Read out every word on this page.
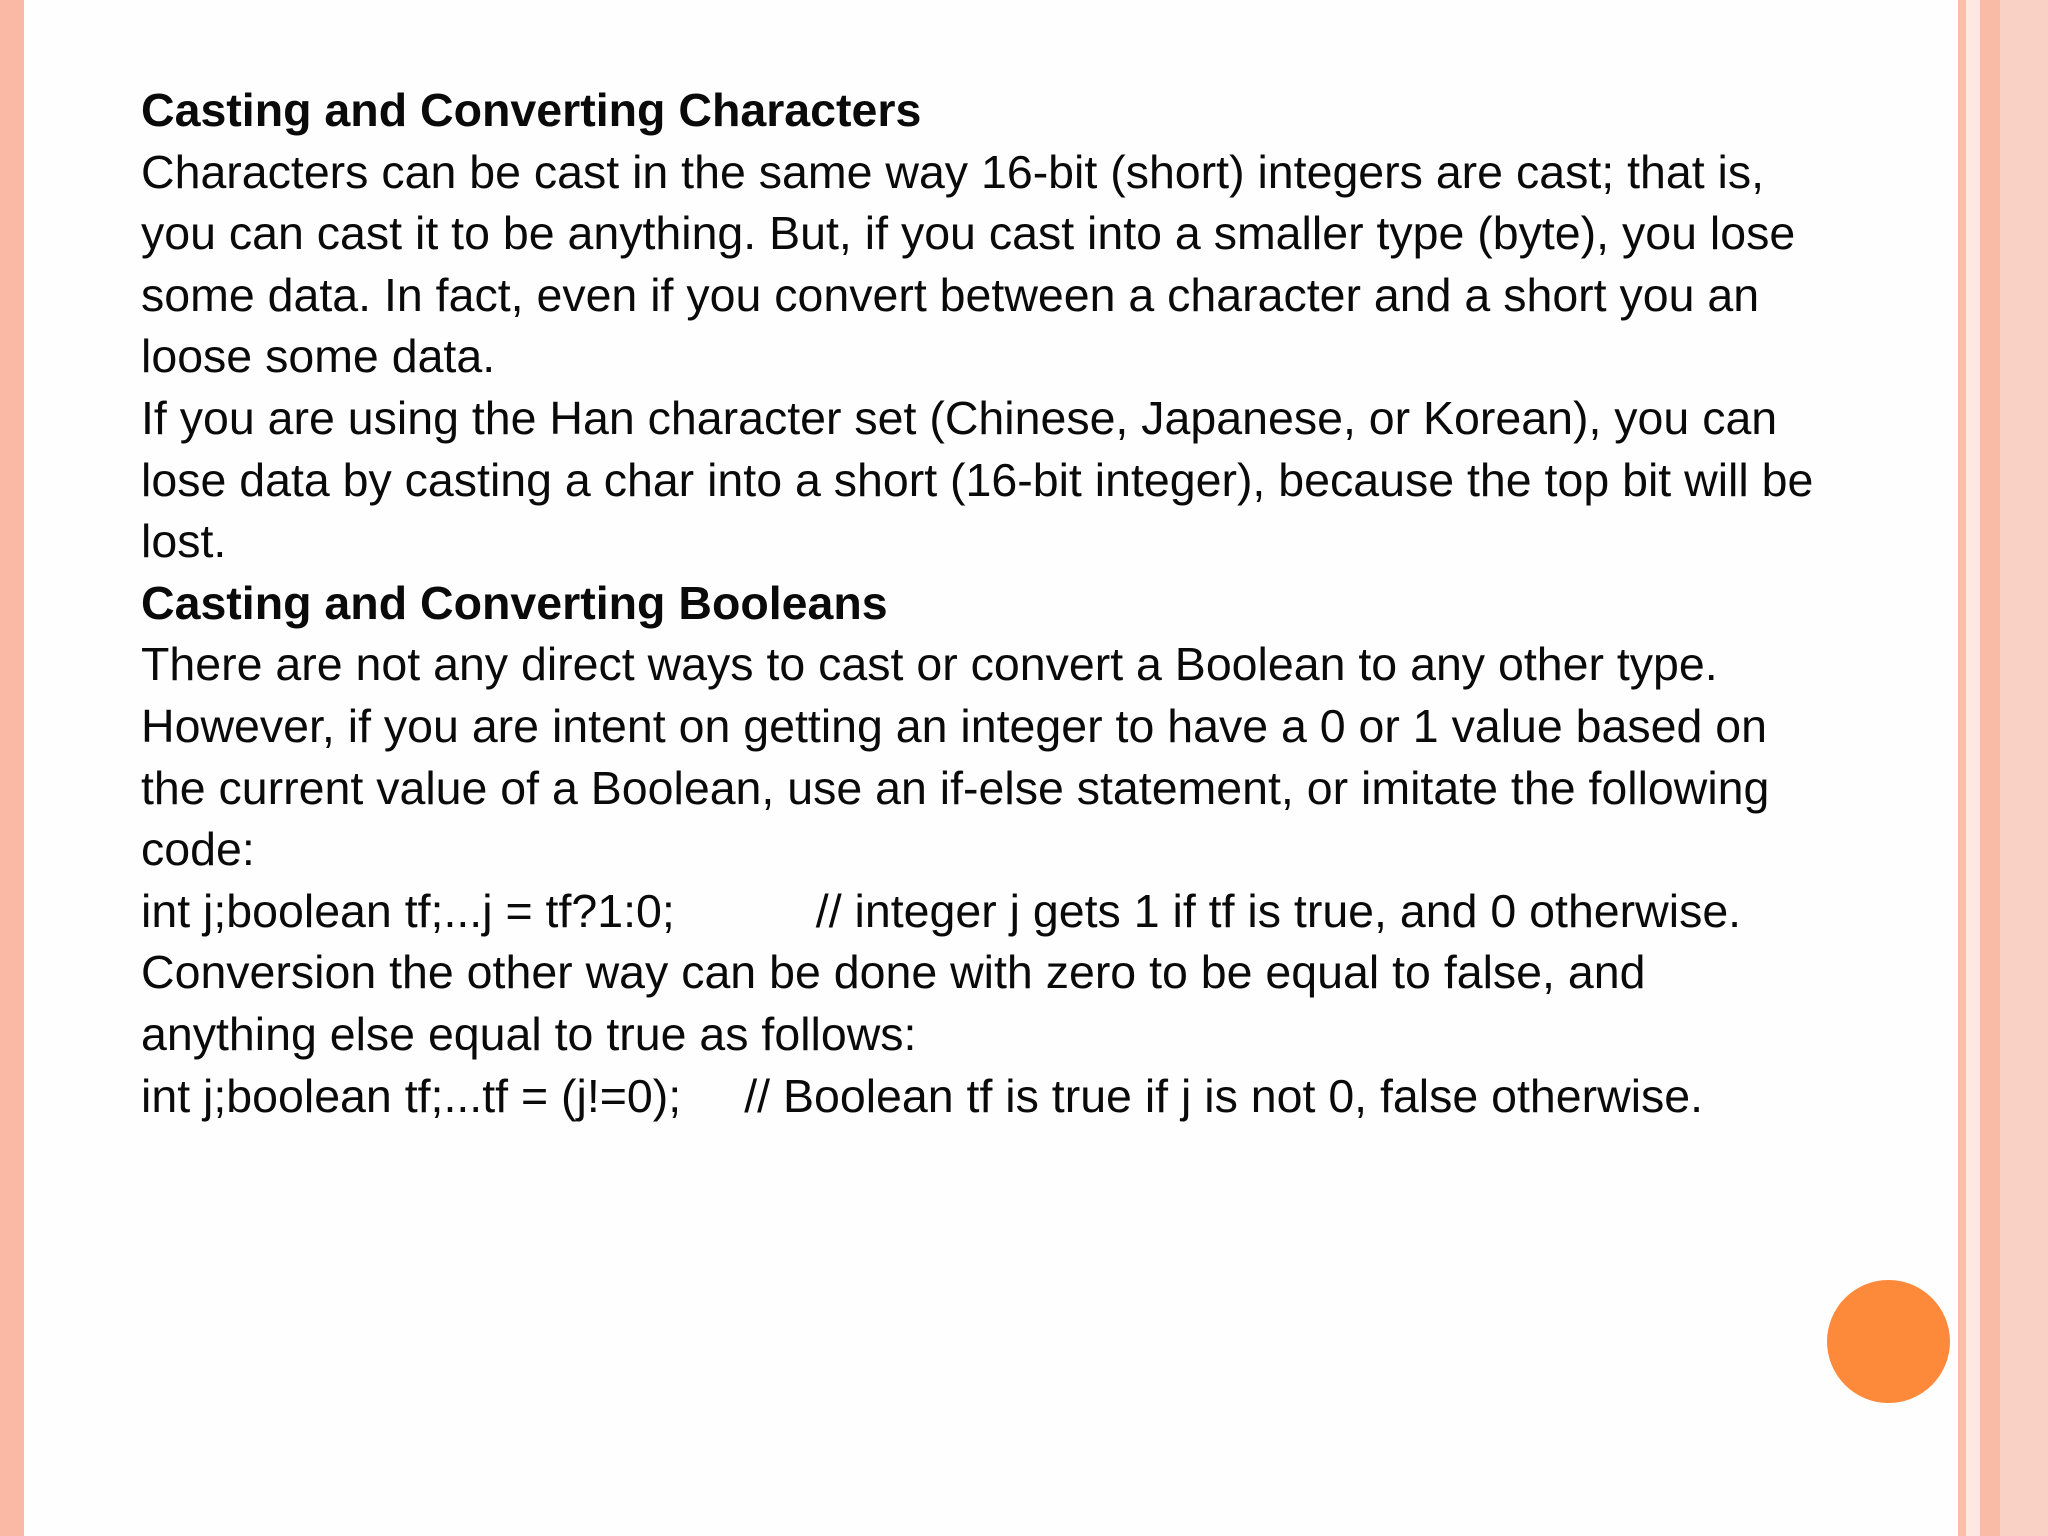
Casting and Converting Characters
Characters can be cast in the same way 16-bit (short) integers are cast; that is,
you can cast it to be anything. But, if you cast into a smaller type (byte), you lose
some data. In fact, even if you convert between a character and a short you an
loose some data.
If you are using the Han character set (Chinese, Japanese, or Korean), you can
lose data by casting a char into a short (16-bit integer), because the top bit will be
lost.
Casting and Converting Booleans
There are not any direct ways to cast or convert a Boolean to any other type.
However, if you are intent on getting an integer to have a 0 or 1 value based on
the current value of a Boolean, use an if-else statement, or imitate the following
code:
int j;boolean tf;...j = tf?1:0;	// integer j gets 1 if tf is true, and 0 otherwise.
Conversion the other way can be done with zero to be equal to false, and
anything else equal to true as follows:
int j;boolean tf;...tf = (j!=0); // Boolean tf is true if j is not 0, false otherwise.
